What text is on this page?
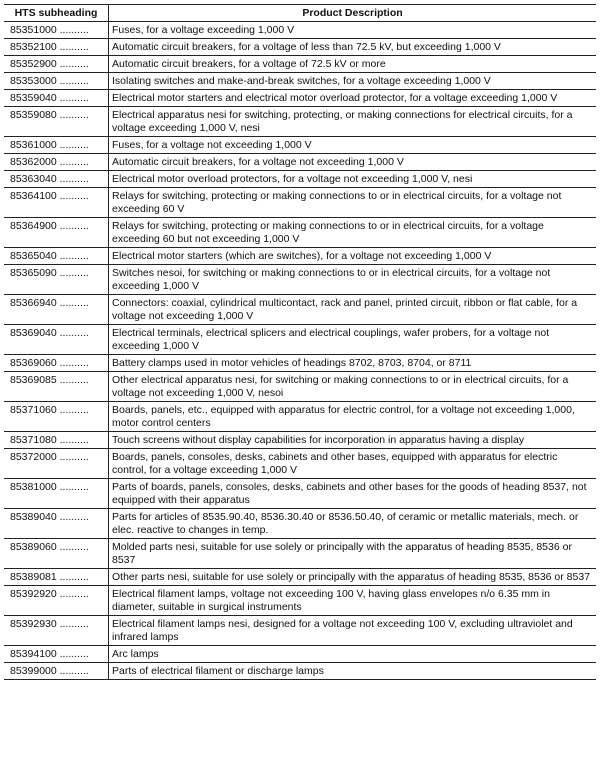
HTS subheading	Product Description
85351000 ..........	Fuses, for a voltage exceeding 1,000 V
85352100 ..........	Automatic circuit breakers, for a voltage of less than 72.5 kV, but exceeding 1,000 V
85352900 ..........	Automatic circuit breakers, for a voltage of 72.5 kV or more
85353000 ..........	Isolating switches and make-and-break switches, for a voltage exceeding 1,000 V
85359040 ..........	Electrical motor starters and electrical motor overload protector, for a voltage exceeding 1,000 V
85359080 ..........	Electrical apparatus nesi for switching, protecting, or making connections for electrical circuits, for a voltage exceeding 1,000 V, nesi
85361000 ..........	Fuses, for a voltage not exceeding 1,000 V
85362000 ..........	Automatic circuit breakers, for a voltage not exceeding 1,000 V
85363040 ..........	Electrical motor overload protectors, for a voltage not exceeding 1,000 V, nesi
85364100 ..........	Relays for switching, protecting or making connections to or in electrical circuits, for a voltage not exceeding 60 V
85364900 ..........	Relays for switching, protecting or making connections to or in electrical circuits, for a voltage exceeding 60 but not exceeding 1,000 V
85365040 ..........	Electrical motor starters (which are switches), for a voltage not exceeding 1,000 V
85365090 ..........	Switches nesoi, for switching or making connections to or in electrical circuits, for a voltage not exceeding 1,000 V
85366940 ..........	Connectors: coaxial, cylindrical multicontact, rack and panel, printed circuit, ribbon or flat cable, for a voltage not exceeding 1,000 V
85369040 ..........	Electrical terminals, electrical splicers and electrical couplings, wafer probers, for a voltage not exceeding 1,000 V
85369060 ..........	Battery clamps used in motor vehicles of headings 8702, 8703, 8704, or 8711
85369085 ..........	Other electrical apparatus nesi, for switching or making connections to or in electrical circuits, for a voltage not exceeding 1,000 V, nesoi
85371060 ..........	Boards, panels, etc., equipped with apparatus for electric control, for a voltage not exceeding 1,000, motor control centers
85371080 ..........	Touch screens without display capabilities for incorporation in apparatus having a display
85372000 ..........	Boards, panels, consoles, desks, cabinets and other bases, equipped with apparatus for electric control, for a voltage exceeding 1,000 V
85381000 ..........	Parts of boards, panels, consoles, desks, cabinets and other bases for the goods of heading 8537, not equipped with their apparatus
85389040 ..........	Parts for articles of 8535.90.40, 8536.30.40 or 8536.50.40, of ceramic or metallic materials, mech. or elec. reactive to changes in temp.
85389060 ..........	Molded parts nesi, suitable for use solely or principally with the apparatus of heading 8535, 8536 or 8537
85389081 ..........	Other parts nesi, suitable for use solely or principally with the apparatus of heading 8535, 8536 or 8537
85392920 ..........	Electrical filament lamps, voltage not exceeding 100 V, having glass envelopes n/o 6.35 mm in diameter, suitable in surgical instruments
85392930 ..........	Electrical filament lamps nesi, designed for a voltage not exceeding 100 V, excluding ultraviolet and infrared lamps
85394100 ..........	Arc lamps
85399000 ..........	Parts of electrical filament or discharge lamps
